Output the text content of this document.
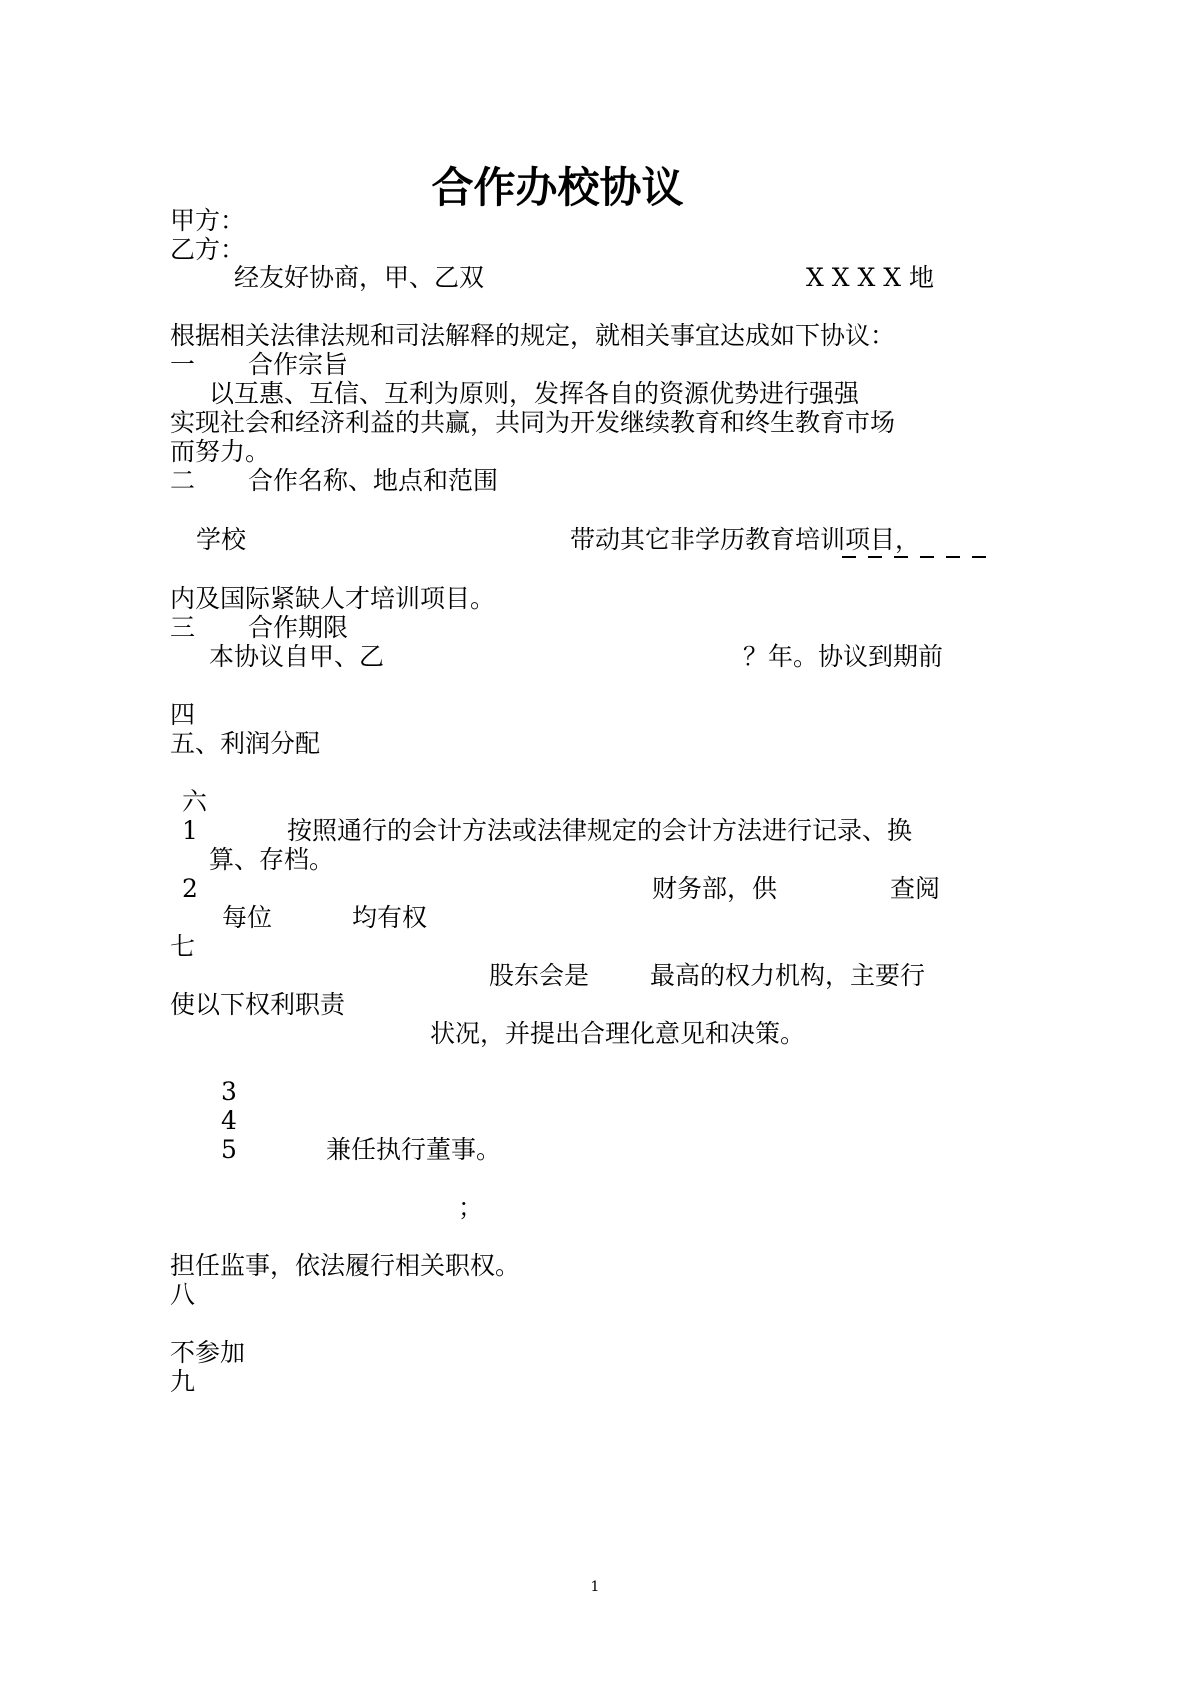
合作办校协议
甲方：
乙方：
经友好协商，甲、乙双	X X X X 地
根据相关法律法规和司法解释的规定，就相关事宜达成如下协议：
一 合作宗旨
以互惠、互信、互利为原则，发挥各自的资源优势进行强强
实现社会和经济利益的共赢，共同为开发继续教育和终生教育市场
而努力。
二 合作名称、地点和范围
学校	带动其它非学历教育培训项目，
内及国际紧缺人才培训项目。
三 合作期限
本协议自甲、乙	？年。协议到期前
四
五、利润分配
六
1	按照通行的会计方法或法律规定的会计方法进行记录、换
算、存档。
2	财务部，供	查阅
每位	均有权
七
股东会是 最高的权力机构，主要行
使以下权利职责
状况，并提出合理化意见和决策。
3
4
5	兼任执行董事。
；
担任监事，依法履行相关职权。
八
不参加
九
1
